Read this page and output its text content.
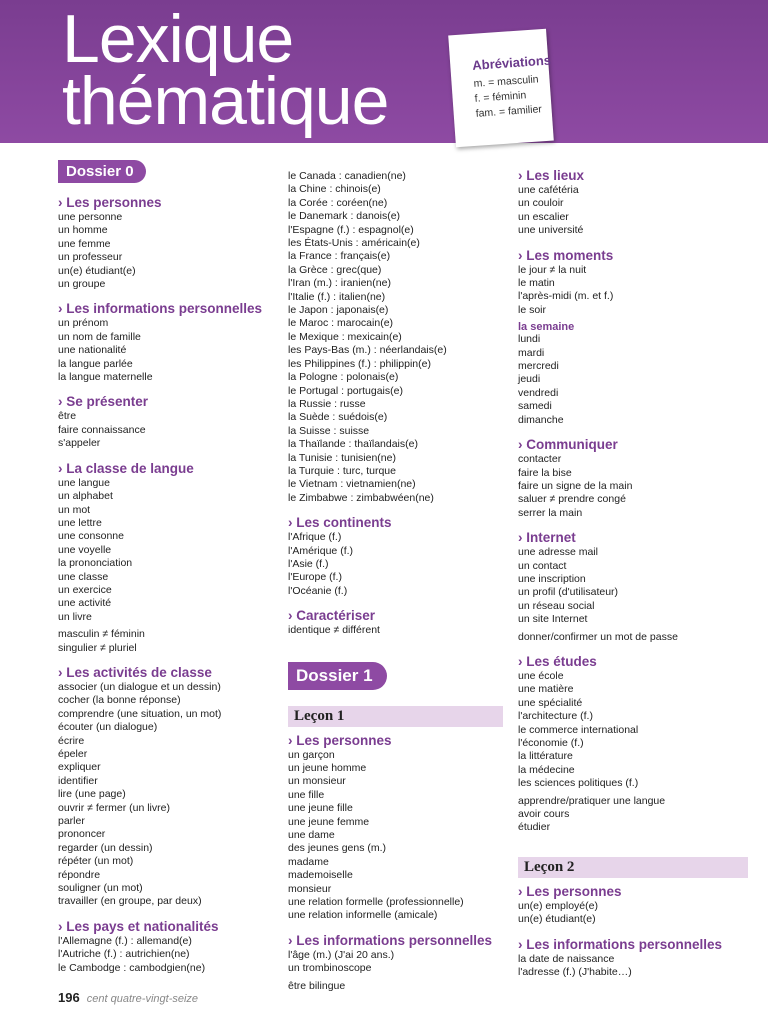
Lexique
thématique
Abréviations
m. = masculin
f. = féminin
fam. = familier
Dossier 0
› Les personnes
une personne
un homme
une femme
un professeur
un(e) étudiant(e)
un groupe
› Les informations personnelles
un prénom
un nom de famille
une nationalité
la langue parlée
la langue maternelle
› Se présenter
être
faire connaissance
s'appeler
› La classe de langue
une langue
un alphabet
un mot
une lettre
une consonne
une voyelle
la prononciation
une classe
un exercice
une activité
un livre
masculin ≠ féminin
singulier ≠ pluriel
› Les activités de classe
associer (un dialogue et un dessin)
cocher (la bonne réponse)
comprendre (une situation, un mot)
écouter (un dialogue)
écrire
épeler
expliquer
identifier
lire (une page)
ouvrir ≠ fermer (un livre)
parler
prononcer
regarder (un dessin)
répéter (un mot)
répondre
souligner (un mot)
travailler (en groupe, par deux)
› Les pays et nationalités
l'Allemagne (f.) : allemand(e)
l'Autriche (f.) : autrichien(ne)
le Cambodge : cambodgien(ne)
le Canada : canadien(ne)
la Chine : chinois(e)
la Corée : coréen(ne)
le Danemark : danois(e)
l'Espagne (f.) : espagnol(e)
les États-Unis : américain(e)
la France : français(e)
la Grèce : grec(que)
l'Iran (m.) : iranien(ne)
l'Italie (f.) : italien(ne)
le Japon : japonais(e)
le Maroc : marocain(e)
le Mexique : mexicain(e)
les Pays-Bas (m.) : néerlandais(e)
les Philippines (f.) : philippin(e)
la Pologne : polonais(e)
le Portugal : portugais(e)
la Russie : russe
la Suède : suédois(e)
la Suisse : suisse
la Thaïlande : thaïlandais(e)
la Tunisie : tunisien(ne)
la Turquie : turc, turque
le Vietnam : vietnamien(ne)
le Zimbabwe : zimbabwéen(ne)
› Les continents
l'Afrique (f.)
l'Amérique (f.)
l'Asie (f.)
l'Europe (f.)
l'Océanie (f.)
› Caractériser
identique ≠ différent
Dossier 1
Leçon 1
› Les personnes
un garçon
un jeune homme
un monsieur
une fille
une jeune fille
une jeune femme
une dame
des jeunes gens (m.)
madame
mademoiselle
monsieur
une relation formelle (professionnelle)
une relation informelle (amicale)
› Les informations personnelles
l'âge (m.) (J'ai 20 ans.)
un trombinoscope
être bilingue
› Les lieux
une cafétéria
un couloir
un escalier
une université
› Les moments
le jour ≠ la nuit
le matin
l'après-midi (m. et f.)
le soir
la semaine
lundi
mardi
mercredi
jeudi
vendredi
samedi
dimanche
› Communiquer
contacter
faire la bise
faire un signe de la main
saluer ≠ prendre congé
serrer la main
› Internet
une adresse mail
un contact
une inscription
un profil (d'utilisateur)
un réseau social
un site Internet
donner/confirmer un mot de passe
› Les études
une école
une matière
une spécialité
l'architecture (f.)
le commerce international
l'économie (f.)
la littérature
la médecine
les sciences politiques (f.)
apprendre/pratiquer une langue
avoir cours
étudier
Leçon 2
› Les personnes
un(e) employé(e)
un(e) étudiant(e)
› Les informations personnelles
la date de naissance
l'adresse (f.) (J'habite…)
196 cent quatre-vingt-seize
